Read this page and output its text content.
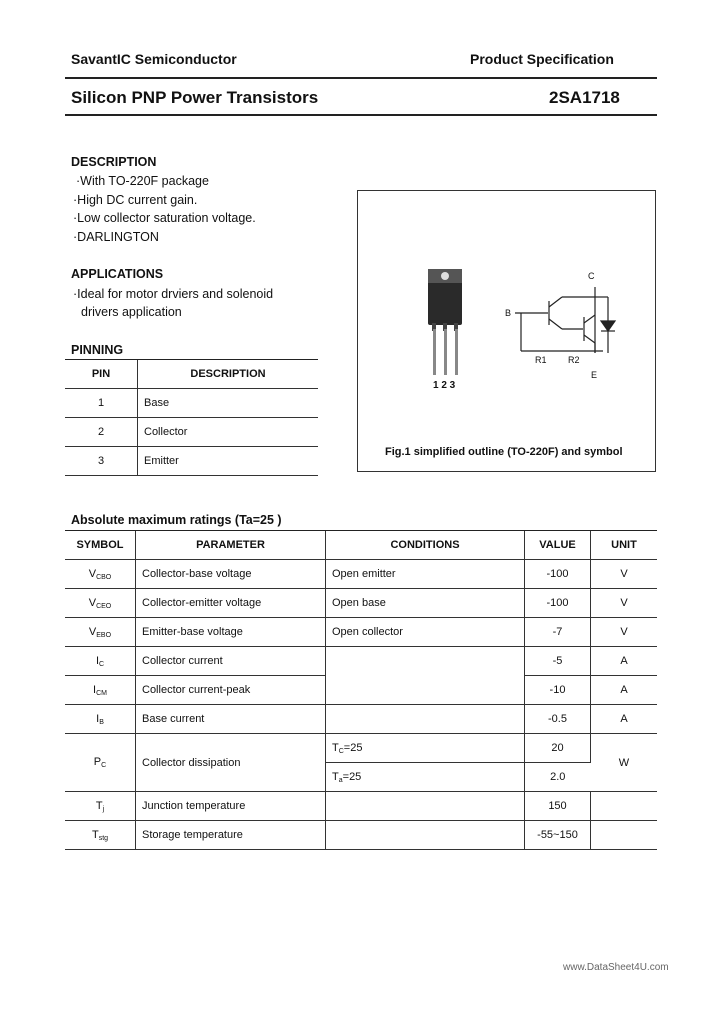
SavantIC Semiconductor	Product Specification
Silicon PNP Power Transistors	2SA1718
DESCRIPTION
·With TO-220F package
·High DC current gain.
·Low collector saturation voltage.
·DARLINGTON
APPLICATIONS
·Ideal for motor drviers and solenoid
drivers application
PINNING
PIN	DESCRIPTION
1	Base
2	Collector
3	Emitter
C
B
E
R1 R2
1 2 3
Fig.1 simplified outline (TO-220F) and symbol
Absolute maximum ratings (Ta=25 )
SYMBOL	PARAMETER	CONDITIONS	VALUE	UNIT
$V_{CBO}$	Collector-base voltage	Open emitter	-100	V
$V_{CEO}$	Collector-emitter voltage	Open base	-100	V
$V_{EBO}$	Emitter-base voltage	Open collector	-7	V
$I_C$	Collector current		-5	A
$I_{CM}$	Collector current-peak		-10	A
$I_B$	Base current		-0.5	A
$P_C$	Collector dissipation	$T_C=25$	20	W
		$T_a=25$	2.0	
$T_j$	Junction temperature		150	
$T_{stg}$	Storage temperature		-55~150	
www.DataSheet4U.com
